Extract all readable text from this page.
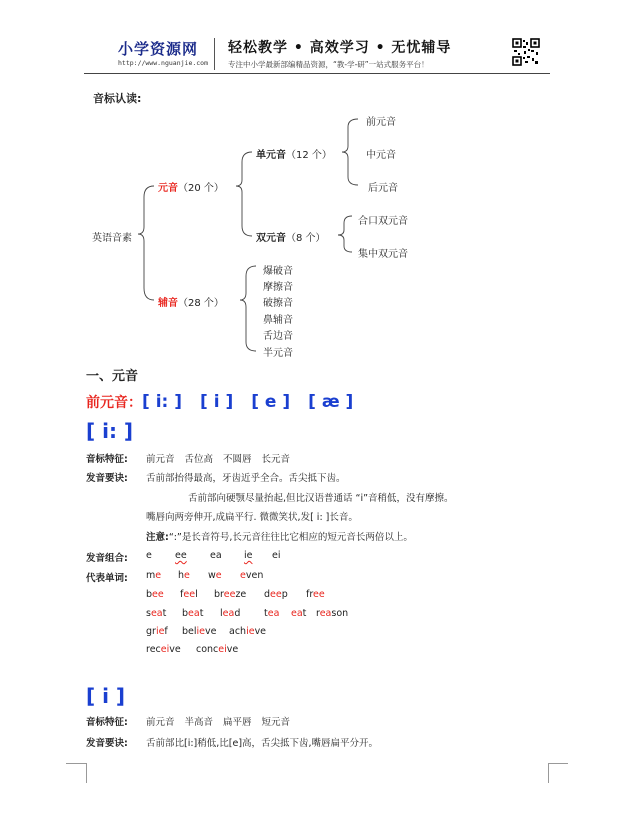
小学资源网
http://www.nguanjie.com
轻松教学 • 高效学习 • 无忧辅导
专注中小学最新部编精品资源，“教-学-研”一站式服务平台！
音标认读:
英语音素
元音（20 个）
辅音（28 个）
单元音（12 个）
双元音（8 个）
前元音
中元音
后元音
合口双元音
集中双元音
爆破音
摩擦音
破擦音
鼻辅音
舌边音
半元音
一、元音
前元音：[ i: ] [ i ] [ e ] [ æ ]
[ i: ]
音标特征: 前元音 舌位高 不圆唇 长元音
发音要诀: 舌前部抬得最高，牙齿近乎全合。舌尖抵下齿。
舌前部向硬颚尽量抬起,但比汉语普通话 “i”音稍低，没有摩擦。
嘴唇向两旁伸开,成扁平行. 微微笑状,发[ i: ]长音。
注意:“:”是长音符号,长元音往往比它相应的短元音长两倍以上。
发音组合: e ee ea ie ei
代表单词: me he we even
bee feel breeze deep free
seat beat lead tea eat reason
grief believe achieve
receive conceive
[ i ]
音标特征: 前元音 半高音 扁平唇 短元音
发音要诀: 舌前部比[i:]稍低,比[e]高，舌尖抵下齿,嘴唇扁平分开。
